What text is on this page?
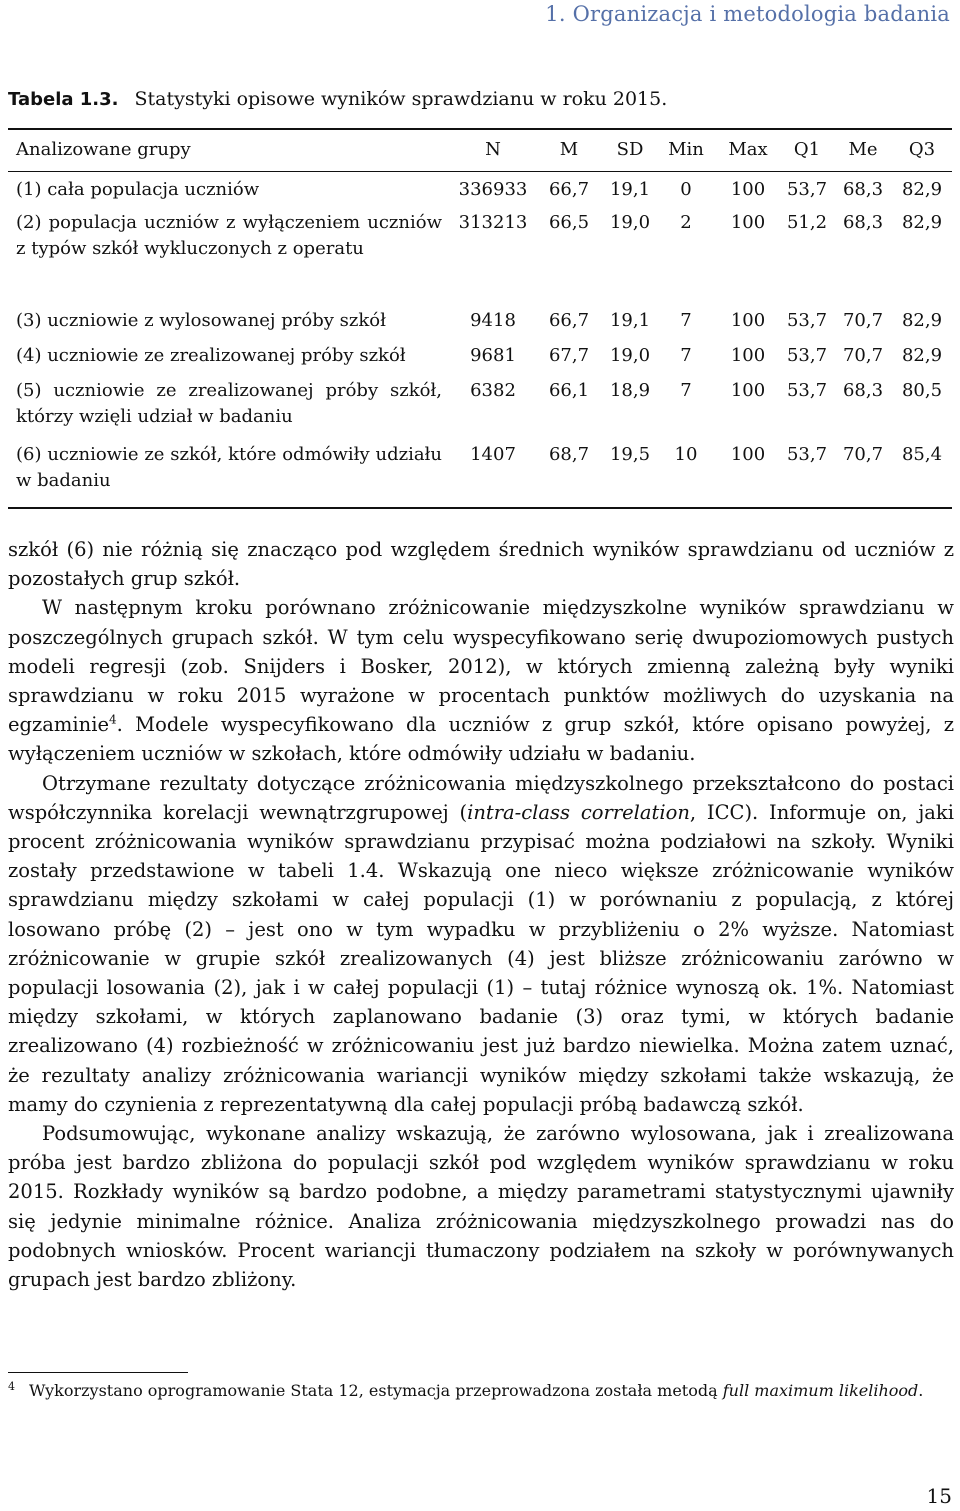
1. Organizacja i metodologia badania
Tabela 1.3. Statystyki opisowe wyników sprawdzianu w roku 2015.
Analizowane grupy	N	M	SD	Min	Max	Q1	Me	Q3
(1) cała populacja uczniów	336933	66,7	19,1	0	100	53,7	68,3	82,9
(2) populacja uczniów z wyłączeniem uczniów z typów szkół wykluczonych z operatu	313213	66,5	19,0	2	100	51,2	68,3	82,9
(3) uczniowie z wylosowanej próby szkół	9418	66,7	19,1	7	100	53,7	70,7	82,9
(4) uczniowie ze zrealizowanej próby szkół	9681	67,7	19,0	7	100	53,7	70,7	82,9
(5) uczniowie ze zrealizowanej próby szkół, którzy wzięli udział w badaniu	6382	66,1	18,9	7	100	53,7	68,3	80,5
(6) uczniowie ze szkół, które odmówiły udziału w badaniu	1407	68,7	19,5	10	100	53,7	70,7	85,4

szkół (6) nie różnią się znacząco pod względem średnich wyników sprawdzianu od uczniów z pozostałych grup szkół.

W następnym kroku porównano zróżnicowanie międzyszkolne wyników sprawdzianu w poszczególnych grupach szkół. W tym celu wyspecyfikowano serię dwupoziomowych pustych modeli regresji (zob. Snijders i Bosker, 2012), w których zmienną zależną były wyniki sprawdzianu w roku 2015 wyrażone w procentach punktów możliwych do uzyskania na egzaminie$^4$. Modele wyspecyfikowano dla uczniów z grup szkół, które opisano powyżej, z wyłączeniem uczniów w szkołach, które odmówiły udziału w badaniu.

Otrzymane rezultaty dotyczące zróżnicowania międzyszkolnego przekształcono do postaci współczynnika korelacji wewnątrzgrupowej (intra-class correlation, ICC). Informuje on, jaki procent zróżnicowania wyników sprawdzianu przypisać można podziałowi na szkoły. Wyniki zostały przedstawione w tabeli 1.4. Wskazują one nieco większe zróżnicowanie wyników sprawdzianu między szkołami w całej populacji (1) w porównaniu z populacją, z której losowano próbę (2) – jest ono w tym wypadku w przybliżeniu o 2% wyższe. Natomiast zróżnicowanie w grupie szkół zrealizowanych (4) jest bliższe zróżnicowaniu zarówno w populacji losowania (2), jak i w całej populacji (1) – tutaj różnice wynoszą ok. 1%. Natomiast między szkołami, w których zaplanowano badanie (3) oraz tymi, w których badanie zrealizowano (4) rozbieżność w zróżnicowaniu jest już bardzo niewielka. Można zatem uznać, że rezultaty analizy zróżnicowania wariancji wyników między szkołami także wskazują, że mamy do czynienia z reprezentatywną dla całej populacji próbą badawczą szkół.

Podsumowując, wykonane analizy wskazują, że zarówno wylosowana, jak i zrealizowana próba jest bardzo zbliżona do populacji szkół pod względem wyników sprawdzianu w roku 2015. Rozkłady wyników są bardzo podobne, a między parametrami statystycznymi ujawniły się jedynie minimalne różnice. Analiza zróżnicowania międzyszkolnego prowadzi nas do podobnych wniosków. Procent wariancji tłumaczony podziałem na szkoły w porównywanych grupach jest bardzo zbliżony.

$^4$ Wykorzystano oprogramowanie Stata 12, estymacja przeprowadzona została metodą full maximum likelihood.
15
